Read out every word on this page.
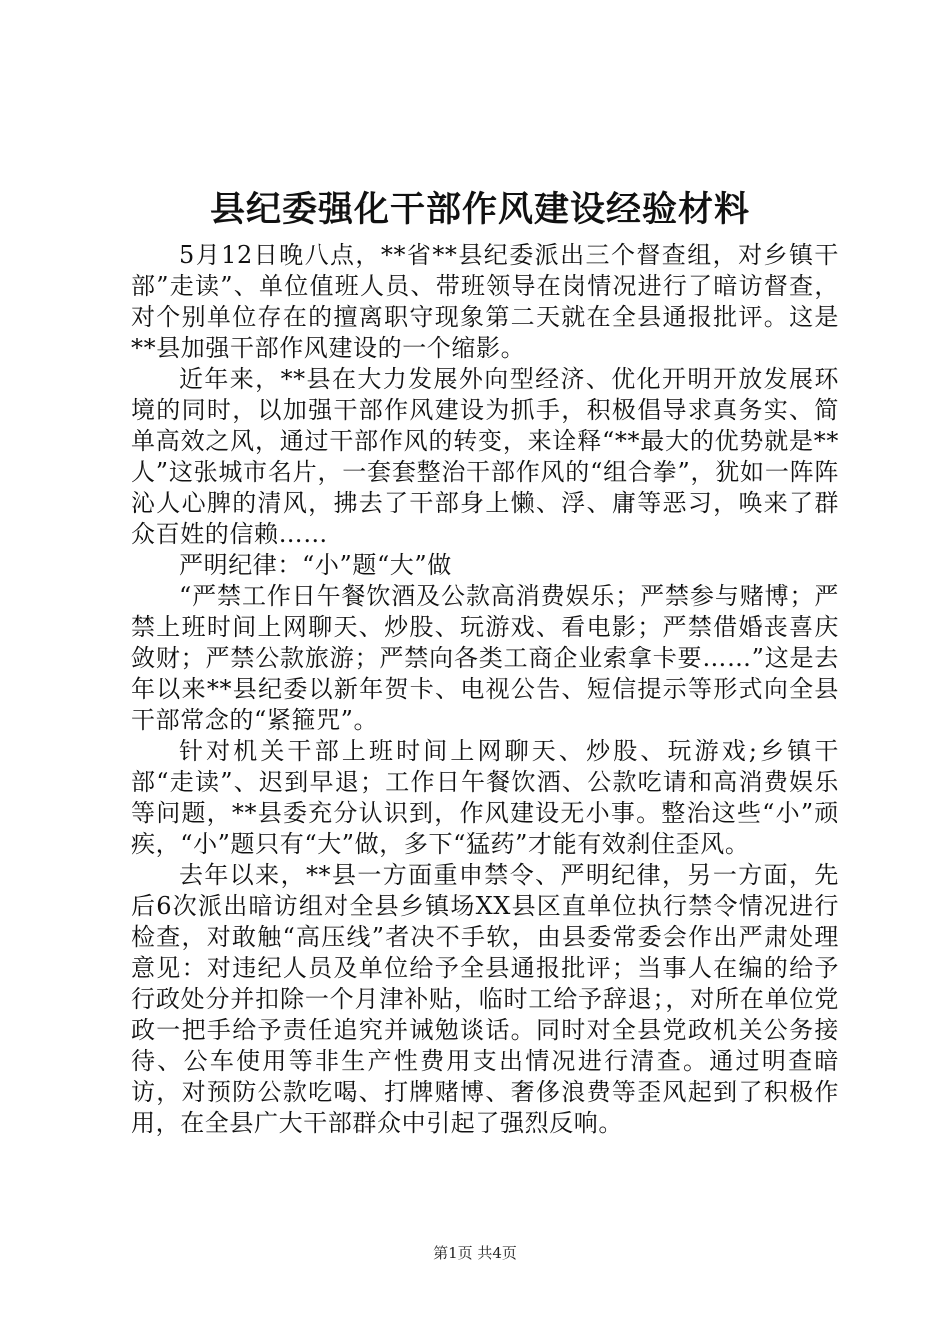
县纪委强化干部作风建设经验材料

5月12日晚八点，**省**县纪委派出三个督查组，对乡镇干部”走读”、单位值班人员、带班领导在岗情况进行了暗访督查，对个别单位存在的擅离职守现象第二天就在全县通报批评。这是**县加强干部作风建设的一个缩影。

近年来，**县在大力发展外向型经济、优化开明开放发展环境的同时，以加强干部作风建设为抓手，积极倡导求真务实、简单高效之风，通过干部作风的转变，来诠释“**最大的优势就是**人”这张城市名片，一套套整治干部作风的“组合拳”，犹如一阵阵沁人心脾的清风，拂去了干部身上懒、浮、庸等恶习，唤来了群众百姓的信赖……

严明纪律：“小”题“大”做

“严禁工作日午餐饮酒及公款高消费娱乐；严禁参与赌博；严禁上班时间上网聊天、炒股、玩游戏、看电影；严禁借婚丧喜庆敛财；严禁公款旅游；严禁向各类工商企业索拿卡要……”这是去年以来**县纪委以新年贺卡、电视公告、短信提示等形式向全县干部常念的“紧箍咒”。

针对机关干部上班时间上网聊天、炒股、玩游戏;乡镇干部“走读”、迟到早退；工作日午餐饮酒、公款吃请和高消费娱乐等问题，**县委充分认识到，作风建设无小事。整治这些“小”顽疾，“小”题只有“大”做，多下“猛药”才能有效刹住歪风。

去年以来，**县一方面重申禁令、严明纪律，另一方面，先后6次派出暗访组对全县乡镇场XX县区直单位执行禁令情况进行检查，对敢触“高压线”者决不手软，由县委常委会作出严肃处理意见：对违纪人员及单位给予全县通报批评；当事人在编的给予行政处分并扣除一个月津补贴，临时工给予辞退；，对所在单位党政一把手给予责任追究并诫勉谈话。同时对全县党政机关公务接待、公车使用等非生产性费用支出情况进行清查。通过明查暗访，对预防公款吃喝、打牌赌博、奢侈浪费等歪风起到了积极作用，在全县广大干部群众中引起了强烈反响。

第1页 共4页
